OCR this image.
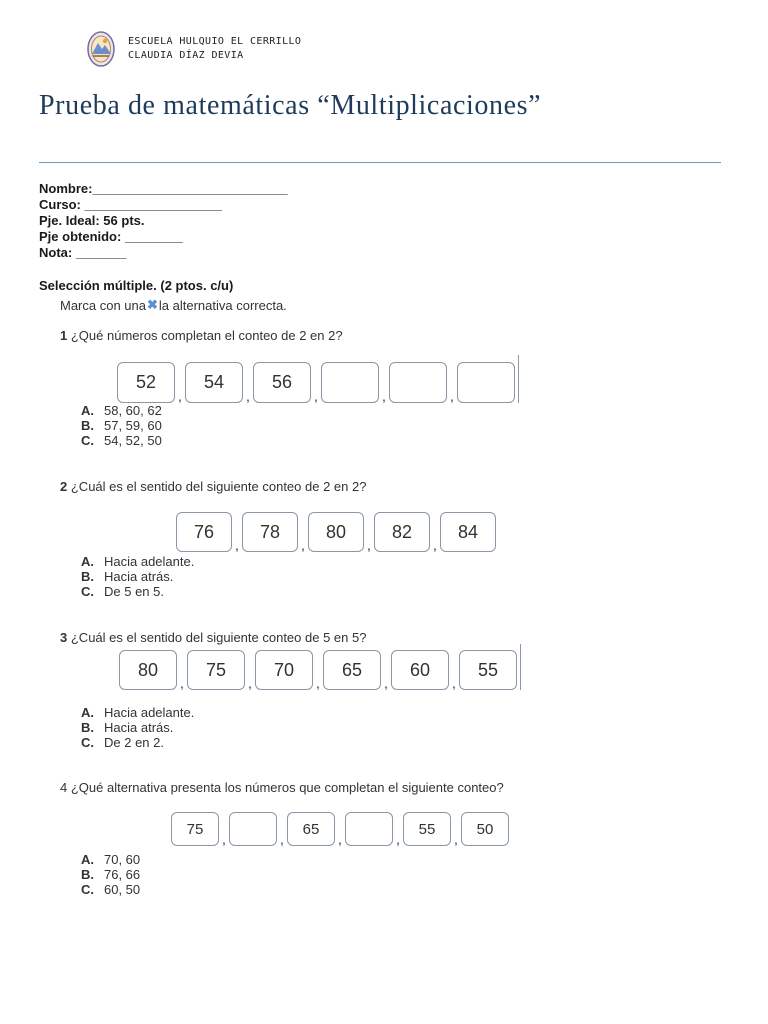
ESCUELA HULQUIO EL CERRILLO
CLAUDIA DÍAZ DEVIA
Prueba de matemáticas “Multiplicaciones”
Nombre:___________________________
Curso: ___________________
Pje. Ideal: 56 pts.
Pje obtenido: ________
Nota: _______
Selección múltiple. (2 ptos. c/u)
Marca con una ✖ la alternativa correcta.
1 ¿Qué números completan el conteo de 2 en 2?
52
,
54
,
56
,	,	,
A. 58, 60, 62
B. 57, 59, 60
C. 54, 52, 50
2 ¿Cuál es el sentido del siguiente conteo de 2 en 2?
76
,
78
,
80
,
82
,
84
A. Hacia adelante.
B. Hacia atrás.
C. De 5 en 5.
3 ¿Cuál es el sentido del siguiente conteo de 5 en 5?
80
,
75
,
70
,
65
,
60
,
55
A. Hacia adelante.
B. Hacia atrás.
C. De 2 en 2.
4 ¿Qué alternativa presenta los números que completan el siguiente conteo?
75
,	,
65
,	,
55
,
50
A. 70, 60
B. 76, 66
C. 60, 50
